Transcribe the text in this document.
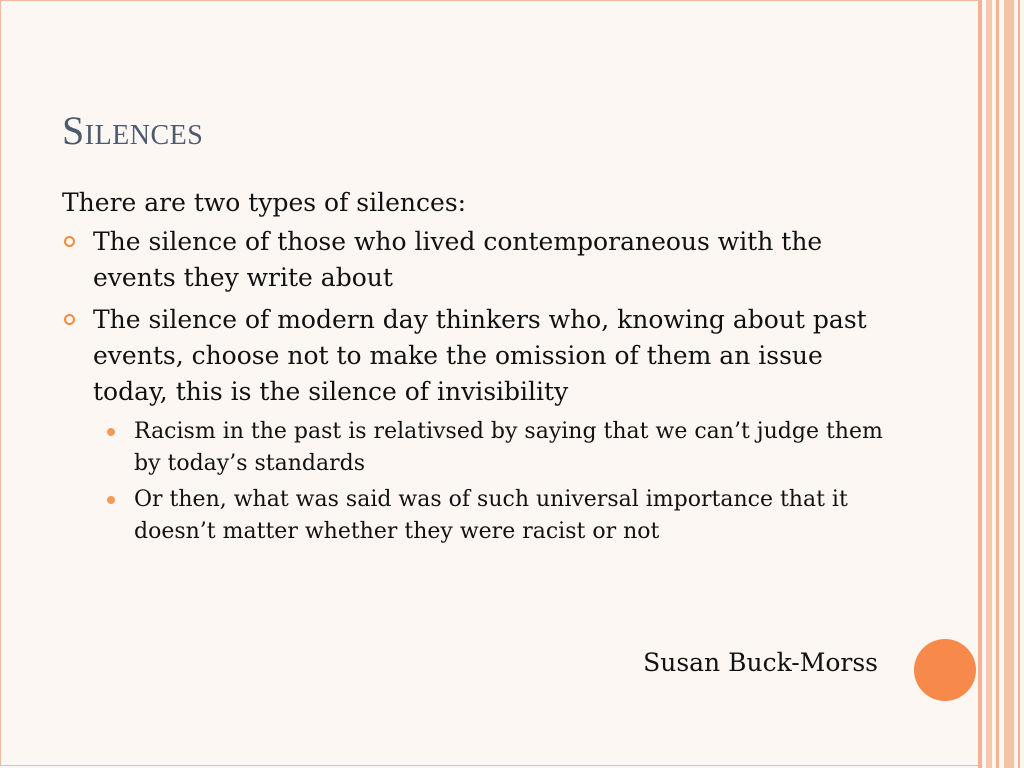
Silences

There are two types of silences:

The silence of those who lived contemporaneous with the events they write about
The silence of modern day thinkers who, knowing about past events, choose not to make the omission of them an issue today, this is the silence of invisibility
Racism in the past is relativsed by saying that we can’t judge them by today’s standards
Or then, what was said was of such universal importance that it doesn’t matter whether they were racist or not
Susan Buck-Morss
